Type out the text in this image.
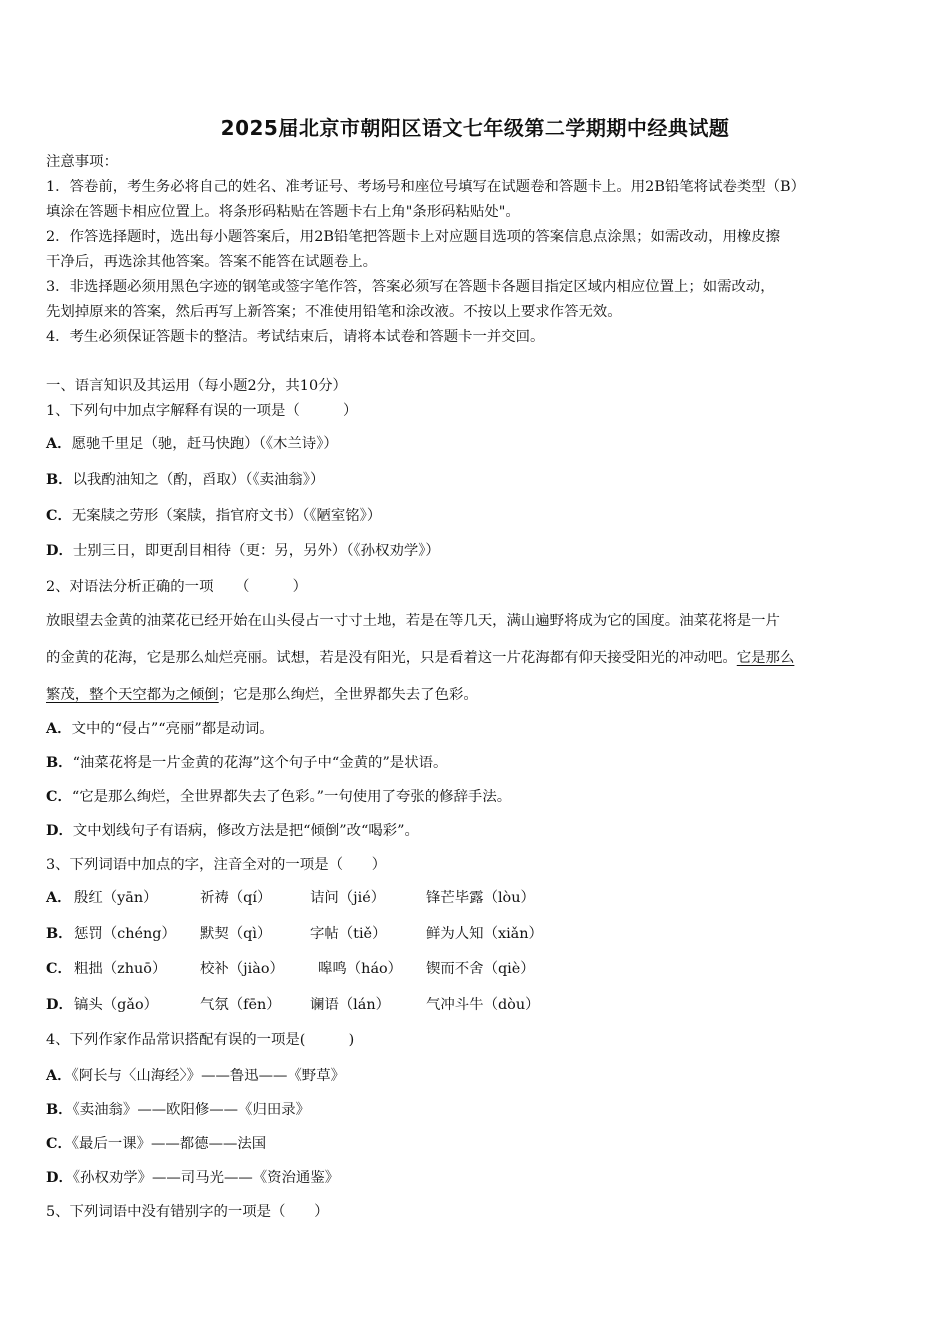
2025届北京市朝阳区语文七年级第二学期期中经典试题
注意事项：
1．答卷前，考生务必将自己的姓名、准考证号、考场号和座位号填写在试题卷和答题卡上。用2B铅笔将试卷类型（B）
填涂在答题卡相应位置上。将条形码粘贴在答题卡右上角"条形码粘贴处"。
2．作答选择题时，选出每小题答案后，用2B铅笔把答题卡上对应题目选项的答案信息点涂黑；如需改动，用橡皮擦
干净后，再选涂其他答案。答案不能答在试题卷上。
3．非选择题必须用黑色字迹的钢笔或签字笔作答，答案必须写在答题卡各题目指定区域内相应位置上；如需改动，
先划掉原来的答案，然后再写上新答案；不准使用铅笔和涂改液。不按以上要求作答无效。
4．考生必须保证答题卡的整洁。考试结束后，请将本试卷和答题卡一并交回。
一、语言知识及其运用（每小题2分，共10分）
1、下列句中加点字解释有误的一项是（　　　）
A．愿驰千里足（驰，赶马快跑）（《木兰诗》）
B．以我酌油知之（酌，舀取）（《卖油翁》）
C．无案牍之劳形（案牍，指官府文书）（《陋室铭》）
D．士别三日，即更刮目相待（更：另，另外）（《孙权劝学》）
2、对语法分析正确的一项　　（　　　）
放眼望去金黄的油菜花已经开始在山头侵占一寸寸土地，若是在等几天，满山遍野将成为它的国度。油菜花将是一片
的金黄的花海，它是那么灿烂亮丽。试想，若是没有阳光，只是看着这一片花海都有仰天接受阳光的冲动吧。它是那么
繁茂，整个天空都为之倾倒；它是那么绚烂，全世界都失去了色彩。
A．文中的“侵占”“亮丽”都是动词。
B．“油菜花将是一片金黄的花海”这个句子中“金黄的”是状语。
C．“它是那么绚烂，全世界都失去了色彩。”一句使用了夸张的修辞手法。
D．文中划线句子有语病，修改方法是把“倾倒”改“喝彩”。
3、下列词语中加点的字，注音全对的一项是（　　）
A． 殷红（yān）	祈祷（qí）	诘问（jié）	锋芒毕露（lòu）
B． 惩罚（chéng） 默契（qì）	字帖（tiě）	鲜为人知（xiǎn）
C． 粗拙（zhuō） 校补（jiào） 嗥鸣（háo） 锲而不舍（qiè）
D． 镐头（gǎo）	气氛（fēn） 谰语（lán） 气冲斗牛（dòu）
4、下列作家作品常识搭配有误的一项是(　　　)
A．《阿长与〈山海经〉》——鲁迅——《野草》
B．《卖油翁》——欧阳修——《归田录》
C．《最后一课》——都德——法国
D．《孙权劝学》——司马光——《资治通鉴》
5、下列词语中没有错别字的一项是（　　）
